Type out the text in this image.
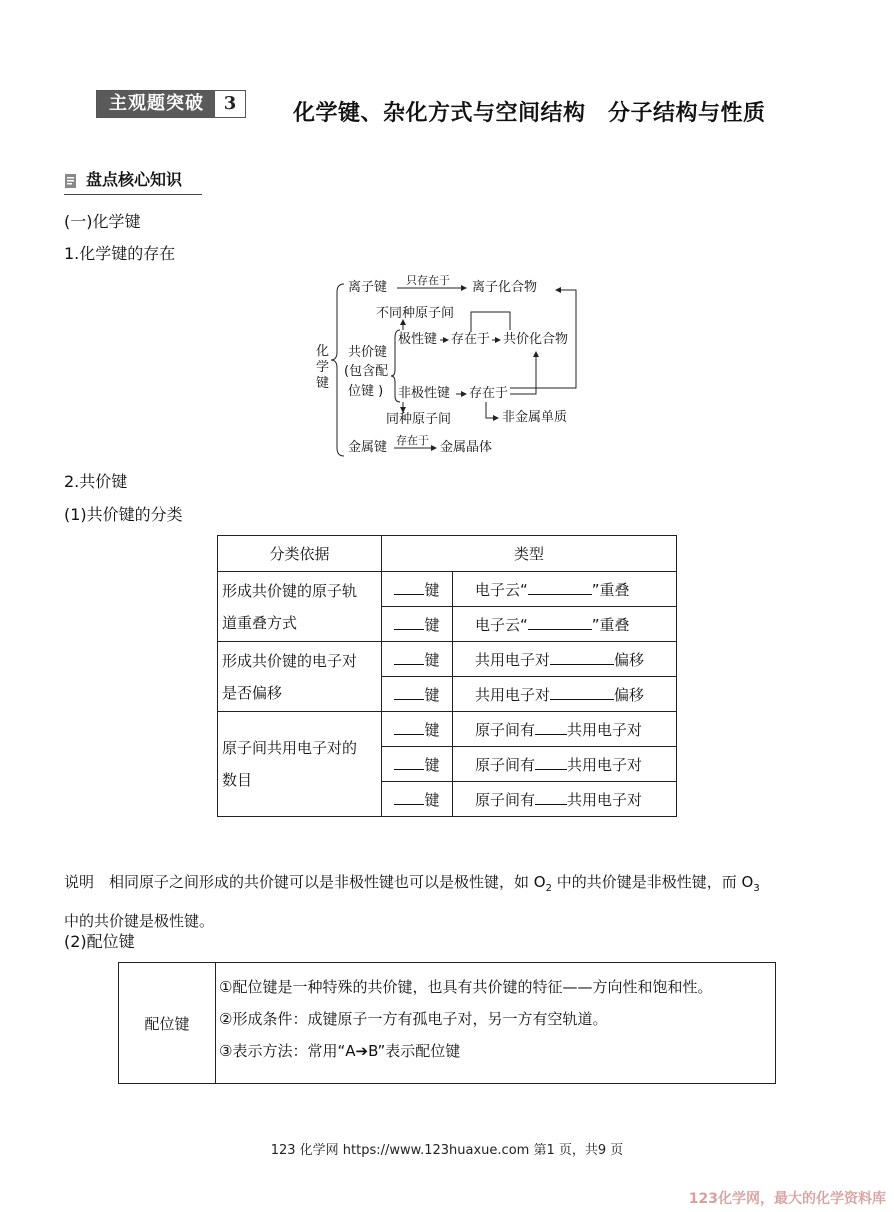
主观题突破	3	化学键、杂化方式与空间结构　分子结构与性质
盘点核心知识
(一)化学键
1.化学键的存在
化
学
键
离子键 只存在于 离子化合物
不同种原子间
共价键
(包含配
位键 )
极性键 存在于 共价化合物
非极性键 存在于
同种原子间	非金属单质
金属键 存在于 金属晶体
2.共价键
(1)共价键的分类
分类依据	类型	

形成共价键的原子轨
道重叠方式	键	电子云“ ”重叠
	键	电子云“ ”重叠

形成共价键的电子对
是否偏移	键	共用电子对 偏移
	键	共用电子对 偏移

原子间共用电子对的
数目	键	原子间有 共用电子对
	键	原子间有 共用电子对
	键	原子间有 共用电子对
说明　相同原子之间形成的共价键可以是非极性键也可以是极性键，如 $O_2$ 中的共价键是非极性键，而 $O_3$
中的共价键是极性键。
(2)配位键
配位键	
①配位键是一种特殊的共价键，也具有共价键的特征——方向性和饱和性。
②形成条件：成键原子一方有孤电子对，另一方有空轨道。
③表示方法：常用“A➔B”表示配位键
123 化学网 https://www.123huaxue.com 第1 页，共9 页
123化学网，最大的化学资料库
